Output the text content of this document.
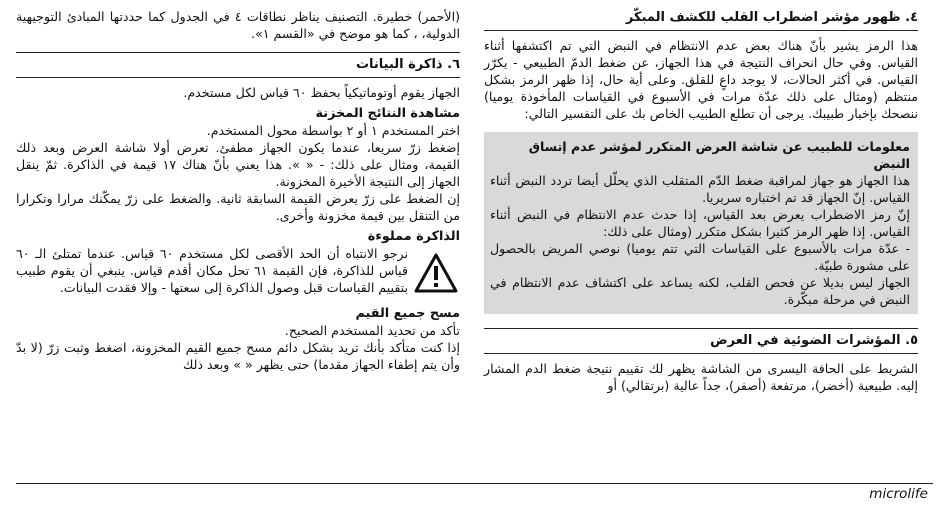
٤. ظهور مؤشر اضطراب القلب للكشف المبكّر

هذا الرمز يشير بأنّ هناك بعض عدم الانتظام في النبض التي تم اكتشفها أثناء القياس. وفي حال انحراف النتيجة في هذا الجهاز، عن ضغط الدمّ الطبيعي - يكرّر القياس. في أكثر الحالات، لا يوجد داعٍ للقلق. وعلى أية حال، إذا ظهر الرمز بشكل منتظم (ومثال على ذلك عدّة مرات في الأسبوع في القياسات المأخوذة يوميا) ننصحك بإخبار طبيبك. يرجى أن تطلع الطبيب الخاص بك على التفسير التالي:

معلومات للطبيب عن شاشة العرض المتكرر لمؤشر عدم إتساق النبض

هذا الجهاز هو جهاز لمراقبة ضغط الدّم المتقلب الذي يحلّل أيضا تردد النبض أثناء القياس. إنّ الجهاز قد تم اختباره سريريا.

إنّ رمز الاضطراب يعرض بعد القياس، إذا حدث عدم الانتظام في النبض أثناء القياس. إذا ظهر الرمز كثيرا بشكل متكرر (ومثال على ذلك:

- عدّة مرات بالأسبوع على القياسات التي تتم يوميا) نوصي المريض بالحصول على مشورة طبيّة.

الجهاز ليس بديلا عن فحص القلب، لكنه يساعد على اكتشاف عدم الانتظام في النبض في مرحلة مبكّرة.

٥. المؤشرات الضوئية في العرض

الشريط على الحافة اليسرى من الشاشة يظهر لك تقييم نتيجة ضغط الدم المشار إليه. طبيعية (أخضر)، مرتفعة (أصفر)، جداً عالية (برتقالي) أو

(الأحمر) خطيرة. التصنيف يناظر نطاقات ٤ في الجدول كما حددتها المبادئ التوجيهية الدولية، ، كما هو موضح في «القسم ١».

٦. ذاكرة البيانات

الجهاز يقوم أوتوماتيكياً بحفظ ٦٠ قياس لكل مستخدم.

مشاهدة النتائج المخزنة

اختر المستخدم ١ أو ٢ بواسطة محول المستخدم.

إضغط زرّ سريعا، عندما يكون الجهاز مطفئ. تعرض أولا شاشة العرض وبعد ذلك القيمة، ومثال على ذلك: - « ». هذا يعني بأنّ هناك ١٧ قيمة في الذاكرة. ثمّ ينقل الجهاز إلى النتيجة الأخيرة المخزونة.

إن الضغط على زرّ يعرض القيمة السابقة ثانية. والضغط على زرّ يمكّنك مرارا وتكرارا من التنقل بين قيمة مخزونة وأخرى.

الذاكرة مملوءة

نرجو الانتباه أن الحد الأقصى لكل مستخدم ٦٠ قياس. عندما تمتلئ الـ ٦٠ قياس للذاكرة، فإن القيمة ٦١ تحل مكان أقدم قياس. ينبغي أن يقوم طبيب بتقييم القياسات قبل وصول الذاكرة إلى سعتها - وإلا فقدت البيانات.

مسح جميع القيم

تأكد من تحديد المستخدم الصحيح.

إذا كنت متأكد بأنك تريد بشكل دائم مسح جميع القيم المخزونة، اضغط وثبت زرّ (لا بدّ وأن يتم إطفاء الجهاز مقدما) حتى يظهر « » وبعد ذلك

microlife
